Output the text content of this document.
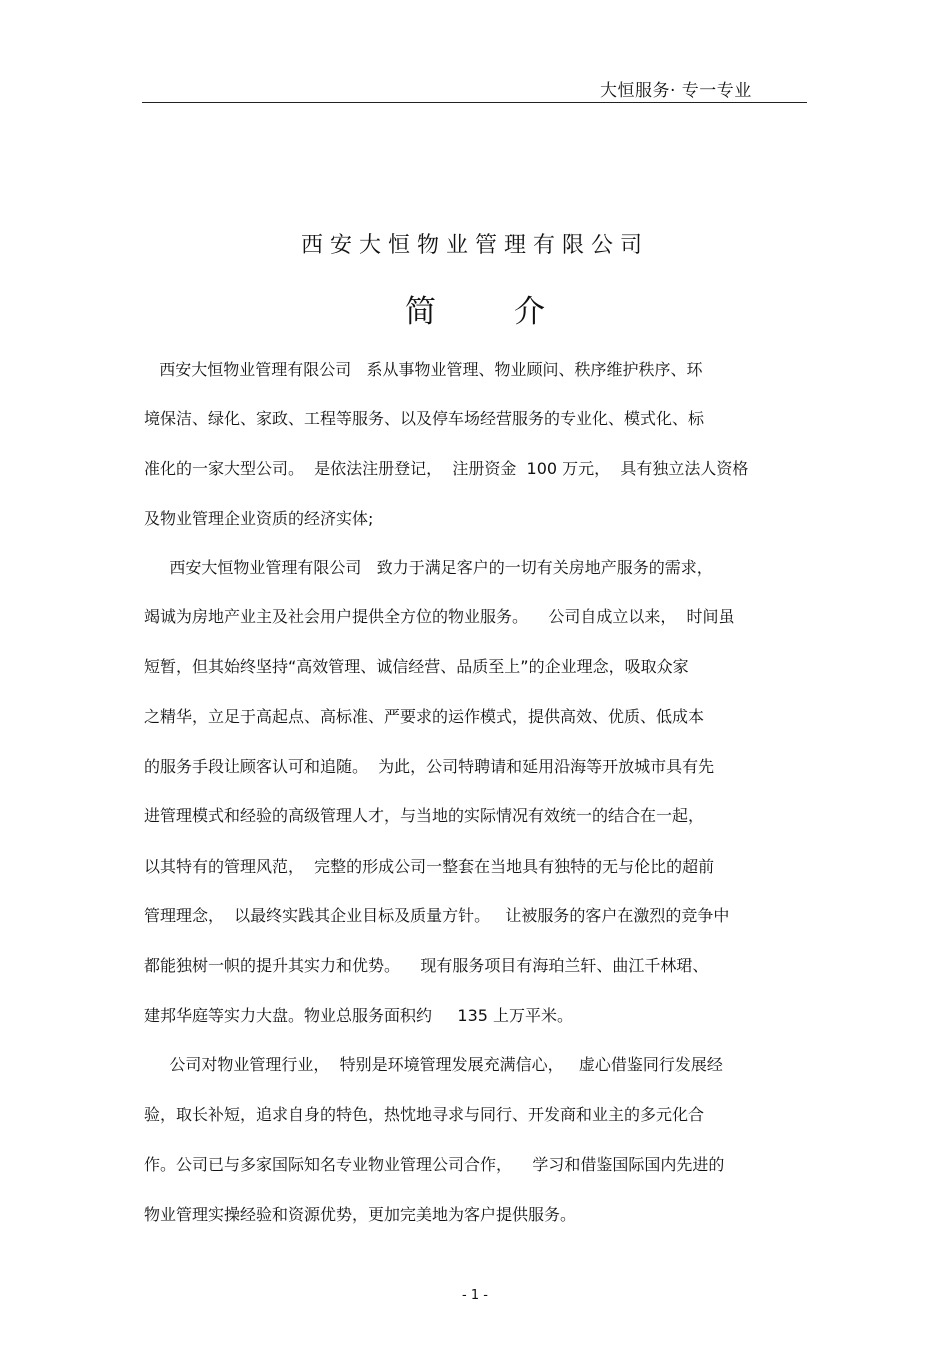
大恒服务· 专一专业
西安大恒物业管理有限公司
简介
西安大恒物业管理有限公司   系从事物业管理、物业顾问、秩序维护秩序、环
境保洁、绿化、家政、工程等服务、以及停车场经营服务的专业化、模式化、标
准化的一家大型公司。  是依法注册登记，  注册资金  100 万元，  具有独立法人资格
及物业管理企业资质的经济实体;
西安大恒物业管理有限公司   致力于满足客户的一切有关房地产服务的需求，
竭诚为房地产业主及社会用户提供全方位的物业服务。    公司自成立以来，  时间虽
短暂，但其始终坚持“高效管理、诚信经营、品质至上”的企业理念，吸取众家
之精华，立足于高起点、高标准、严要求的运作模式，提供高效、优质、低成本
的服务手段让顾客认可和追随。  为此，公司特聘请和延用沿海等开放城市具有先
进管理模式和经验的高级管理人才，与当地的实际情况有效统一的结合在一起，
以其特有的管理风范，  完整的形成公司一整套在当地具有独特的无与伦比的超前
管理理念，  以最终实践其企业目标及质量方针。   让被服务的客户在激烈的竞争中
都能独树一帜的提升其实力和优势。    现有服务项目有海珀兰轩、曲江千林珺、
建邦华庭等实力大盘。物业总服务面积约     135 上万平米。
公司对物业管理行业，  特别是环境管理发展充满信心，   虚心借鉴同行发展经
验，取长补短，追求自身的特色，热忱地寻求与同行、开发商和业主的多元化合
作。公司已与多家国际知名专业物业管理公司合作，    学习和借鉴国际国内先进的
物业管理实操经验和资源优势，更加完美地为客户提供服务。
- 1 -
